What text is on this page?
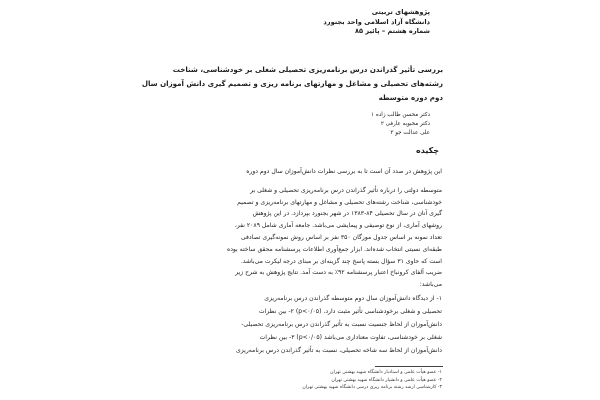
پژوهشهای تربیتی
دانشگاه آزاد اسلامی واحد بجنورد
شماره هشتم – پائیز ۸۵
بررسی تأثیر گذراندن درس برنامه‌ریزی تحصیلی شغلی بر خودشناسی، شناخت
رشته‌های تحصیلی و مشاغل و مهارتهای برنامه ریزی و تصمیم گیری دانش آموزان سال
دوم دوره متوسطه
دکتر محسن طالب زاده ۱
دکتر محبوبه عارفی ۲
علی عدالت جو ۳
چکیده
این پژوهش در صدد آن است تا به بررسی نظرات دانش‌آموزان سال دوم دوره
متوسطه دولتی را درباره تأثیر گذراندن درس برنامه‌ریزی تحصیلی و شغلی بر
خودشناسی، شناخت رشته‌های تحصیلی و مشاغل و مهارتهای برنامه‌ریزی و تصمیم
گیری آنان در سال تحصیلی ۸۴-۱۳۸۳ در شهر بجنورد بپردازد. در این پژوهش
روشهای آماری، از نوع توصیفی و پیمایشی می‌باشد. جامعه آماری شامل ۲۰۸۹ نفر،
تعداد نمونه بر اساس جدول مورگان ۳۵۰ نفر بر اساس روش نمونه‌گیری تصادفی
طبقه‌ای نسبتی انتخاب شده‌اند. ابزار جمع‌آوری اطلاعات پرسشنامه محقق ساخته بوده
است که حاوی ۳۱ سؤال بسته پاسخ چند گزینه‌ای بر مبنای درجه لیکرت می‌باشد.
ضریب آلفای کرونباخ اعتبار پرسشنامه ۹۲٪ به دست آمد. نتایج پژوهش به شرح زیر
می‌باشد:
۱- از دیدگاه دانش‌آموزان سال دوم متوسطه گذراندن درس برنامه‌ریزی
تحصیلی و شغلی برخودشناسی تأثیر مثبت دارد. (p<۰/۰۵) ۲- بین نظرات
دانش‌آموزان از لحاظ جنسیت نسبت به تأثیر گذراندن درس برنامه‌ریزی تحصیلی-
شغلی بر خودشناسی، تفاوت معناداری می‌باشد (p<۰/۰۵) ۳- بین نظرات
دانش‌آموزان از لحاظ سه شاخه تحصیلی، نسبت به تأثیر گذراندن درس برنامه‌ریزی
۱- عضو هیأت علمی و استادیار دانشگاه شهید بهشتی تهران
۲- عضو هیأت علمی و دانشیار دانشگاه شهید بهشتی تهران
۳- کارشناسی ارشد رشته برنامه ریزی درسی دانشگاه شهید بهشتی تهران
